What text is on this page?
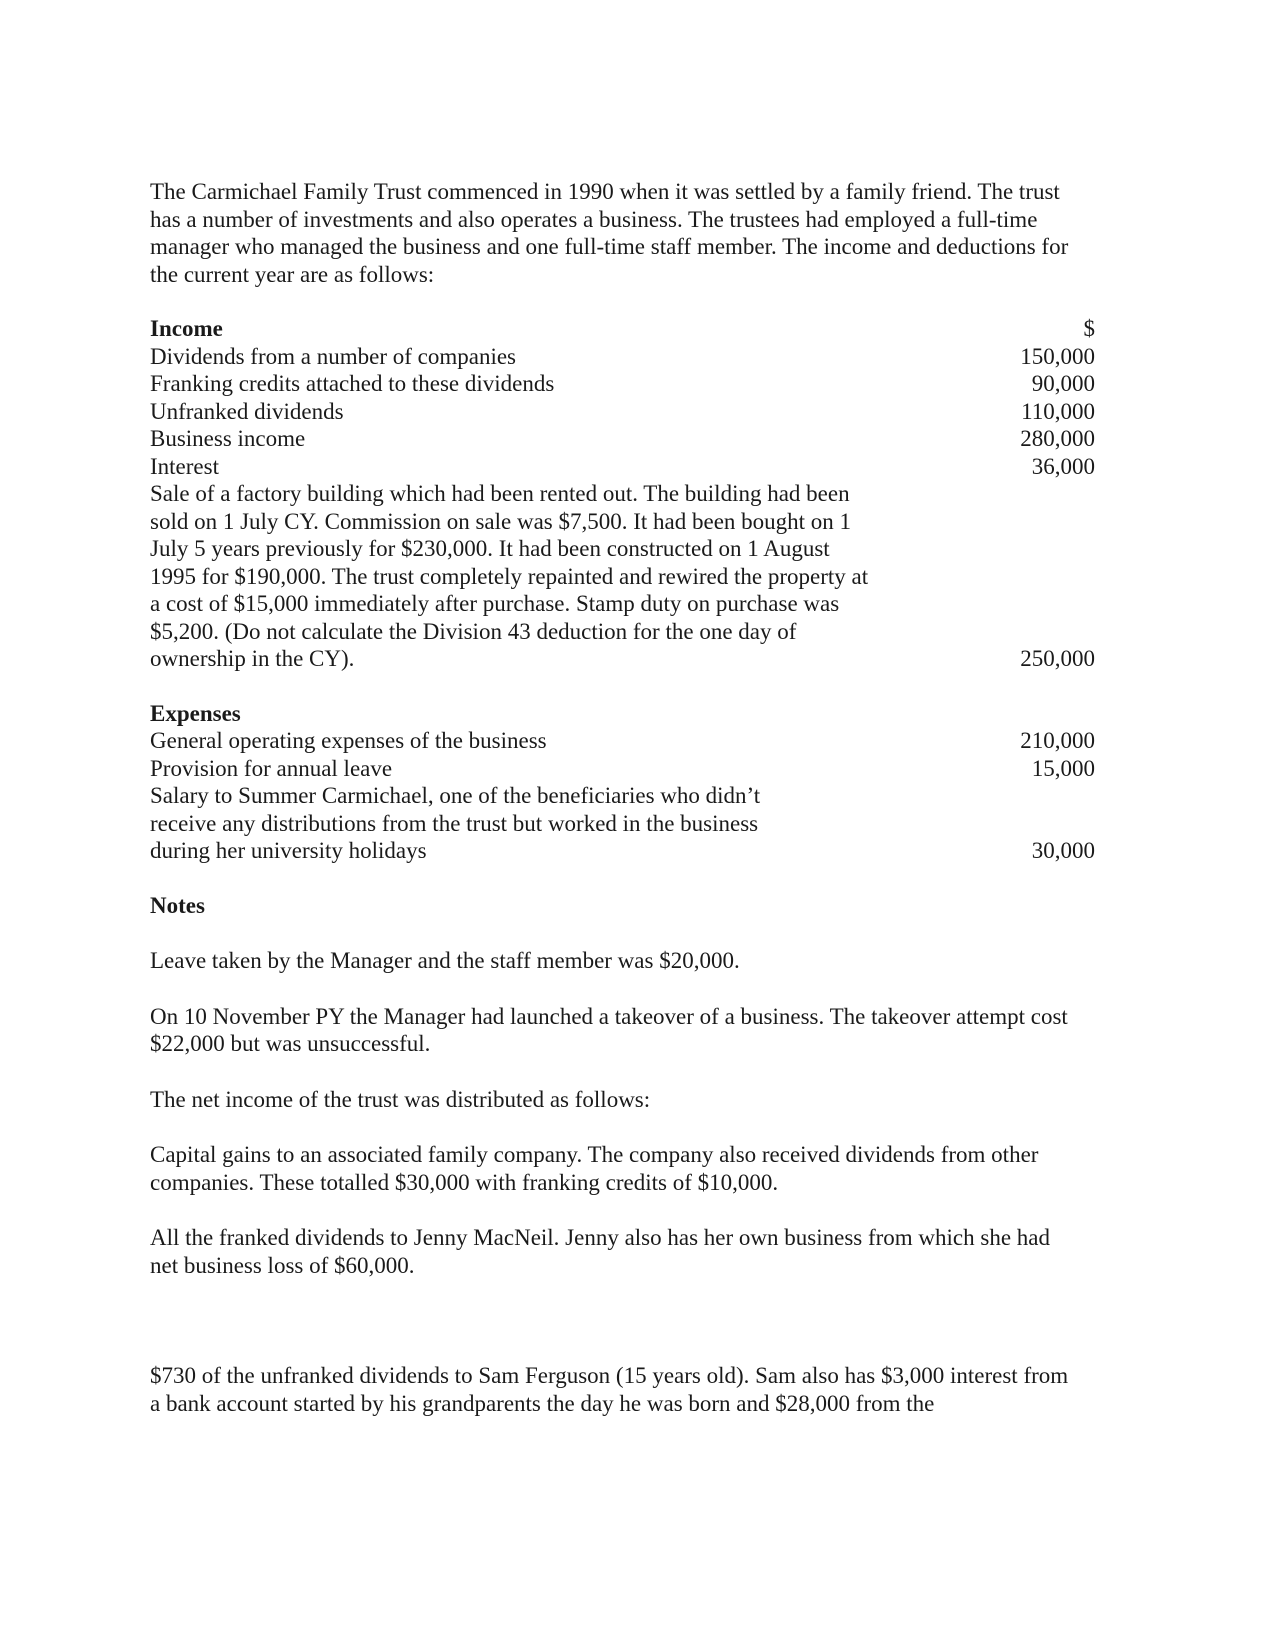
The Carmichael Family Trust commenced in 1990 when it was settled by a family friend. The trust has a number of investments and also operates a business. The trustees had employed a full-time manager who managed the business and one full-time staff member. The income and deductions for the current year are as follows:

Income	$
Dividends from a number of companies	150,000
Franking credits attached to these dividends	90,000
Unfranked dividends	110,000
Business income	280,000
Interest	36,000
Sale of a factory building which had been rented out. The building had been sold on 1 July CY. Commission on sale was $7,500. It had been bought on 1 July 5 years previously for $230,000. It had been constructed on 1 August 1995 for $190,000. The trust completely repainted and rewired the property at a cost of $15,000 immediately after purchase. Stamp duty on purchase was $5,200. (Do not calculate the Division 43 deduction for the one day of ownership in the CY).	250,000
Expenses
General operating expenses of the business	210,000
Provision for annual leave	15,000
Salary to Summer Carmichael, one of the beneficiaries who didn’t receive any distributions from the trust but worked in the business during her university holidays	30,000

Notes

Leave taken by the Manager and the staff member was $20,000.

On 10 November PY the Manager had launched a takeover of a business. The takeover attempt cost $22,000 but was unsuccessful.

The net income of the trust was distributed as follows:

Capital gains to an associated family company. The company also received dividends from other companies. These totalled $30,000 with franking credits of $10,000.

All the franked dividends to Jenny MacNeil. Jenny also has her own business from which she had net business loss of $60,000.

$730 of the unfranked dividends to Sam Ferguson (15 years old). Sam also has $3,000 interest from a bank account started by his grandparents the day he was born and $28,000 from the
